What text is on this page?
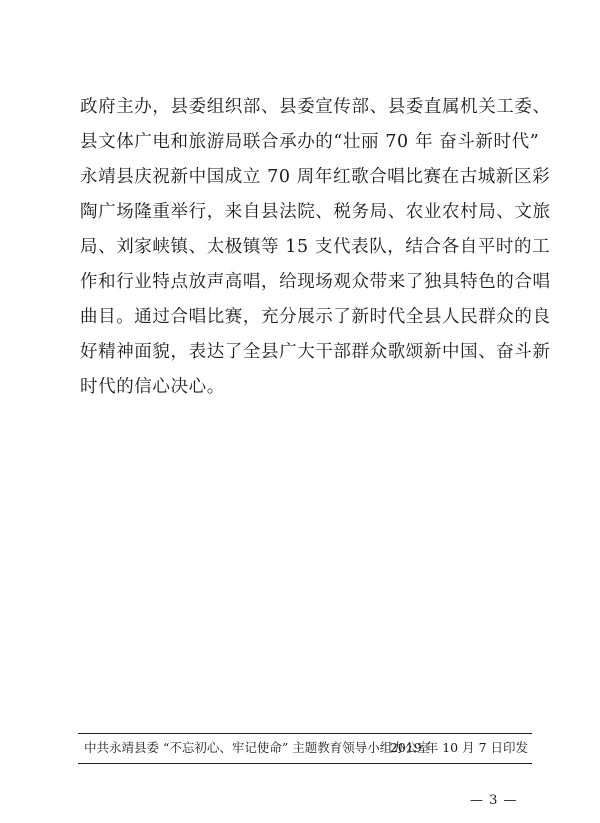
政府主办，县委组织部、县委宣传部、县委直属机关工委、
县文体广电和旅游局联合承办的“壮丽 70 年 奋斗新时代”
永靖县庆祝新中国成立 70 周年红歌合唱比赛在古城新区彩
陶广场隆重举行，来自县法院、税务局、农业农村局、文旅
局、刘家峡镇、太极镇等 15 支代表队，结合各自平时的工
作和行业特点放声高唱，给现场观众带来了独具特色的合唱
曲目。通过合唱比赛，充分展示了新时代全县人民群众的良
好精神面貌，表达了全县广大干部群众歌颂新中国、奋斗新
时代的信心决心。
中共永靖县委 “不忘初心、牢记使命” 主题教育领导小组办公室
2019 年 10 月 7 日印发
— 3 —
